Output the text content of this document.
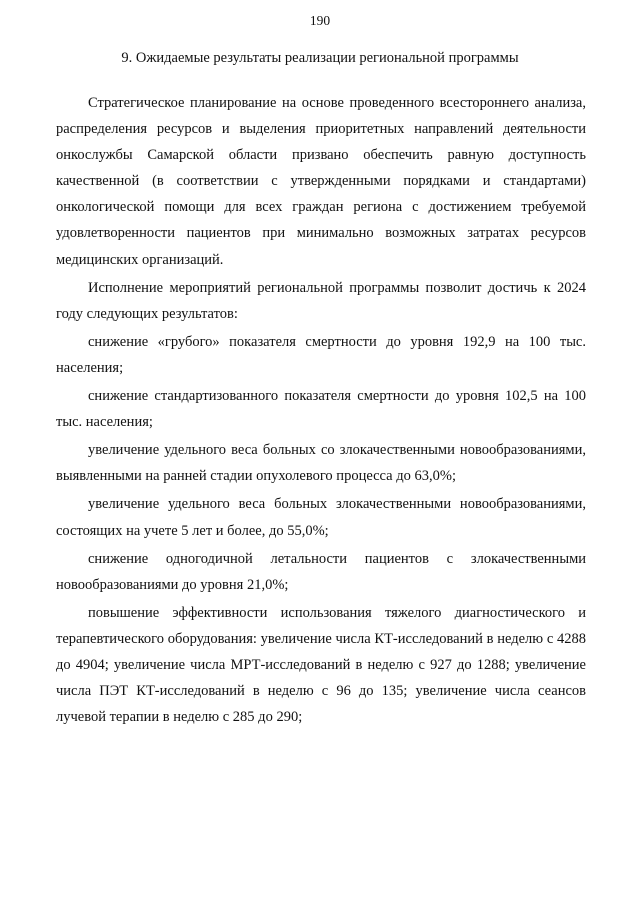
190
9. Ожидаемые результаты реализации региональной программы

Стратегическое планирование на основе проведенного всестороннего анализа, распределения ресурсов и выделения приоритетных направлений деятельности онкослужбы Самарской области призвано обеспечить равную доступность качественной (в соответствии с утвержденными порядками и стандартами) онкологической помощи для всех граждан региона с достижением требуемой удовлетворенности пациентов при минимально возможных затратах ресурсов медицинских организаций.

Исполнение мероприятий региональной программы позволит достичь к 2024 году следующих результатов:

снижение «грубого» показателя смертности до уровня 192,9 на 100 тыс. населения;

снижение стандартизованного показателя смертности до уровня 102,5 на 100 тыс. населения;

увеличение удельного веса больных со злокачественными новообразованиями, выявленными на ранней стадии опухолевого процесса до 63,0%;

увеличение удельного веса больных злокачественными новообразованиями, состоящих на учете 5 лет и более, до 55,0%;

снижение одногодичной летальности пациентов с злокачественными новообразованиями до уровня 21,0%;

повышение эффективности использования тяжелого диагностического и терапевтического оборудования: увеличение числа КТ-исследований в неделю с 4288 до 4904; увеличение числа МРТ-исследований в неделю с 927 до 1288; увеличение числа ПЭТ КТ-исследований в неделю с 96 до 135; увеличение числа сеансов лучевой терапии в неделю с 285 до 290;
